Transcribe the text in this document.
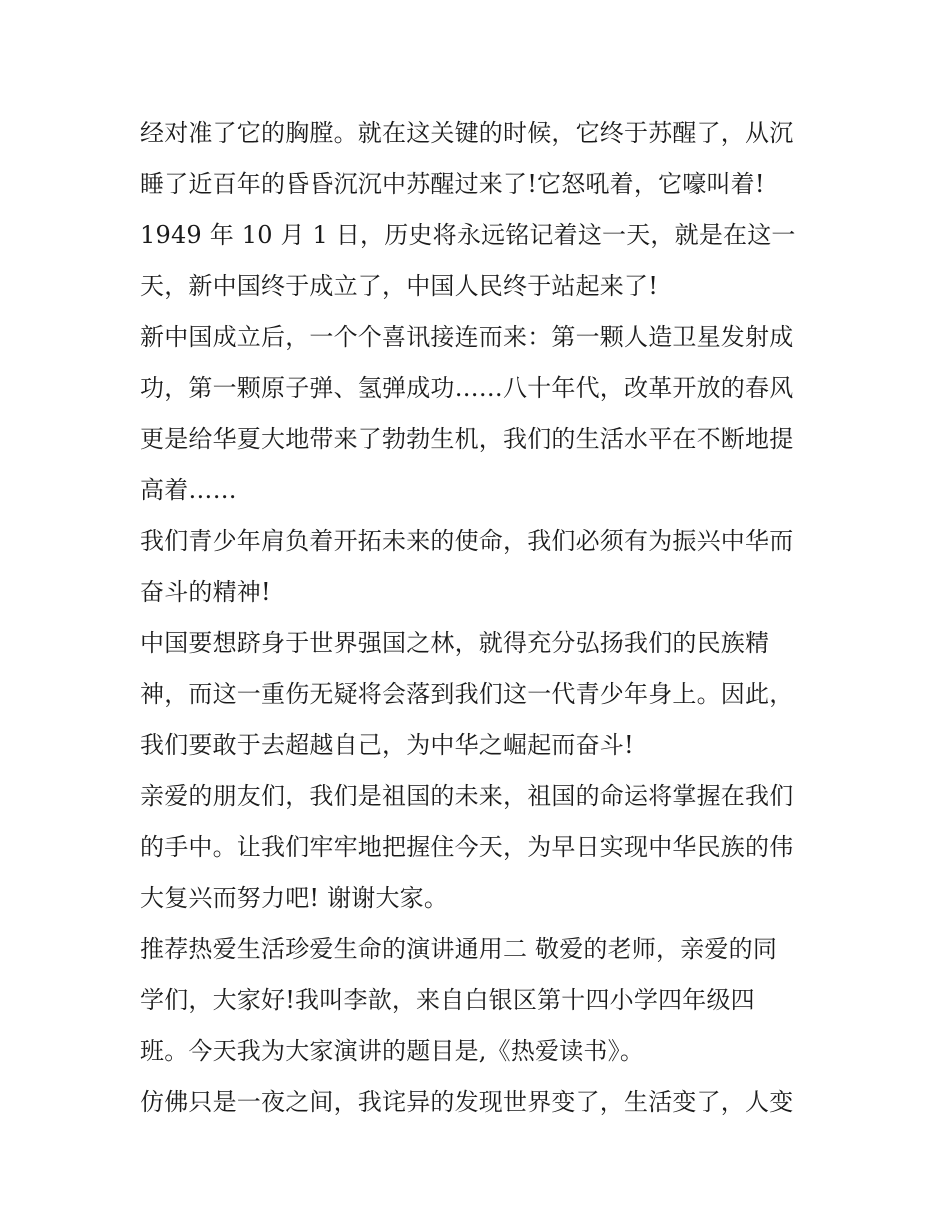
经对准了它的胸膛。就在这关键的时候，它终于苏醒了，从沉
睡了近百年的昏昏沉沉中苏醒过来了!它怒吼着，它嚎叫着!
1949 年 10 月 1 日，历史将永远铭记着这一天，就是在这一
天，新中国终于成立了，中国人民终于站起来了!
新中国成立后，一个个喜讯接连而来：第一颗人造卫星发射成
功，第一颗原子弹、氢弹成功……八十年代，改革开放的春风
更是给华夏大地带来了勃勃生机，我们的生活水平在不断地提
高着……
我们青少年肩负着开拓未来的使命，我们必须有为振兴中华而
奋斗的精神!
中国要想跻身于世界强国之林，就得充分弘扬我们的民族精
神，而这一重伤无疑将会落到我们这一代青少年身上。因此，
我们要敢于去超越自己，为中华之崛起而奋斗!
亲爱的朋友们，我们是祖国的未来，祖国的命运将掌握在我们
的手中。让我们牢牢地把握住今天，为早日实现中华民族的伟
大复兴而努力吧! 谢谢大家。
推荐热爱生活珍爱生命的演讲通用二 敬爱的老师，亲爱的同
学们，大家好!我叫李歆，来自白银区第十四小学四年级四
班。今天我为大家演讲的题目是,《热爱读书》。
仿佛只是一夜之间，我诧异的发现世界变了，生活变了，人变
